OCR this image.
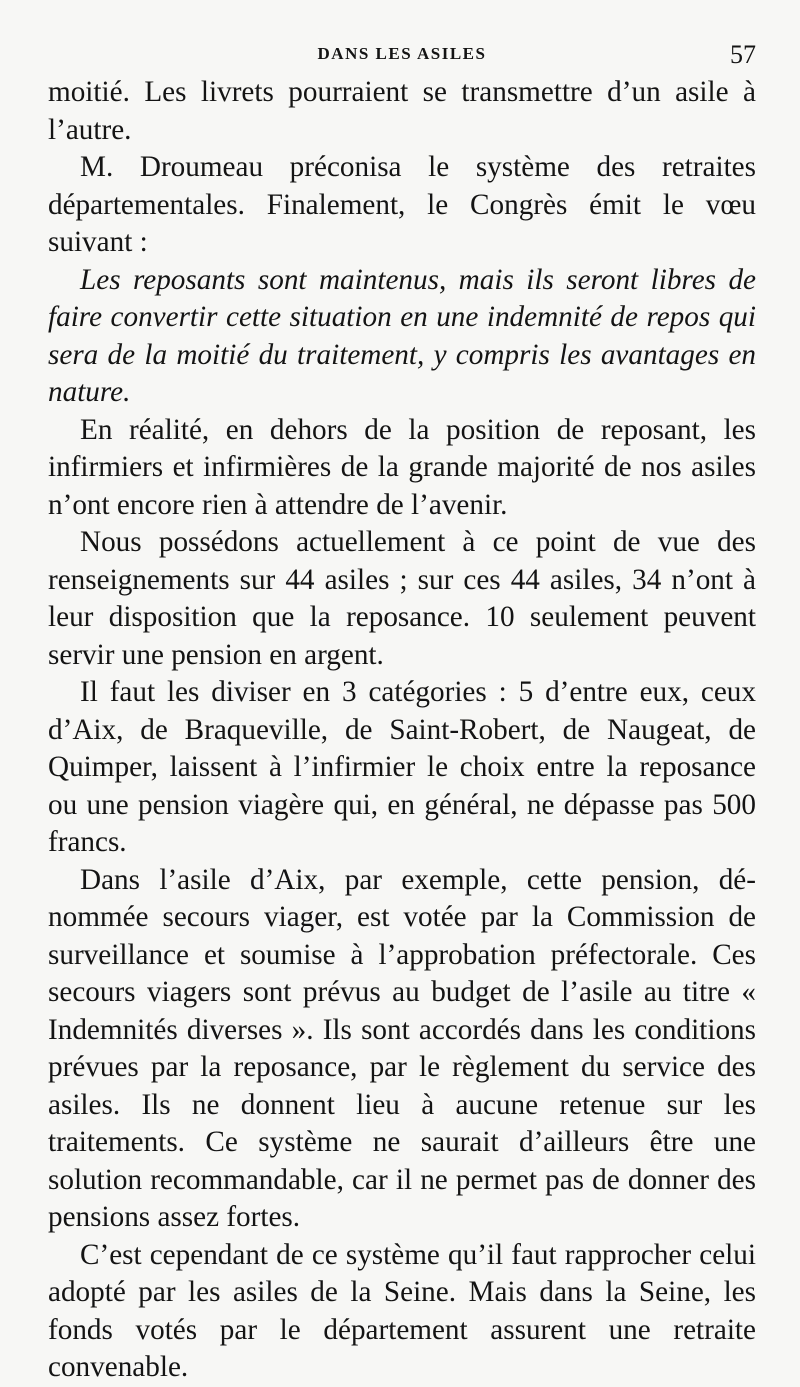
DANS LES ASILES	57

moitié. Les livrets pourraient se transmettre d’un asile à l’autre.

M. Droumeau préconisa le système des retraites départementales. Finalement, le Congrès émit le vœu suivant :

Les reposants sont maintenus, mais ils seront libres de faire convertir cette situation en une indemnité de repos qui sera de la moitié du traitement, y compris les avantages en nature.

En réalité, en dehors de la position de reposant, les infirmiers et infirmières de la grande majorité de nos asiles n’ont encore rien à attendre de l’avenir.

Nous possédons actuellement à ce point de vue des renseignements sur 44 asiles ; sur ces 44 asiles, 34 n’ont à leur disposition que la reposance. 10 seulement peuvent servir une pension en argent.

Il faut les diviser en 3 catégories : 5 d’entre eux, ceux d’Aix, de Braqueville, de Saint-Robert, de Naugeat, de Quimper, laissent à l’infirmier le choix entre la reposance ou une pension viagère qui, en général, ne dépasse pas 500 francs.

Dans l’asile d’Aix, par exemple, cette pension, dénommée secours viager, est votée par la Commission de surveillance et soumise à l’approbation préfectorale. Ces secours viagers sont prévus au budget de l’asile au titre « Indemnités diverses ». Ils sont accordés dans les conditions prévues par la reposance, par le règlement du service des asiles. Ils ne donnent lieu à aucune retenue sur les traitements. Ce système ne saurait d’ailleurs être une solution recommandable, car il ne permet pas de donner des pensions assez fortes.

C’est cependant de ce système qu’il faut rapprocher celui adopté par les asiles de la Seine. Mais dans la Seine, les fonds votés par le département assurent une retraite convenable.
